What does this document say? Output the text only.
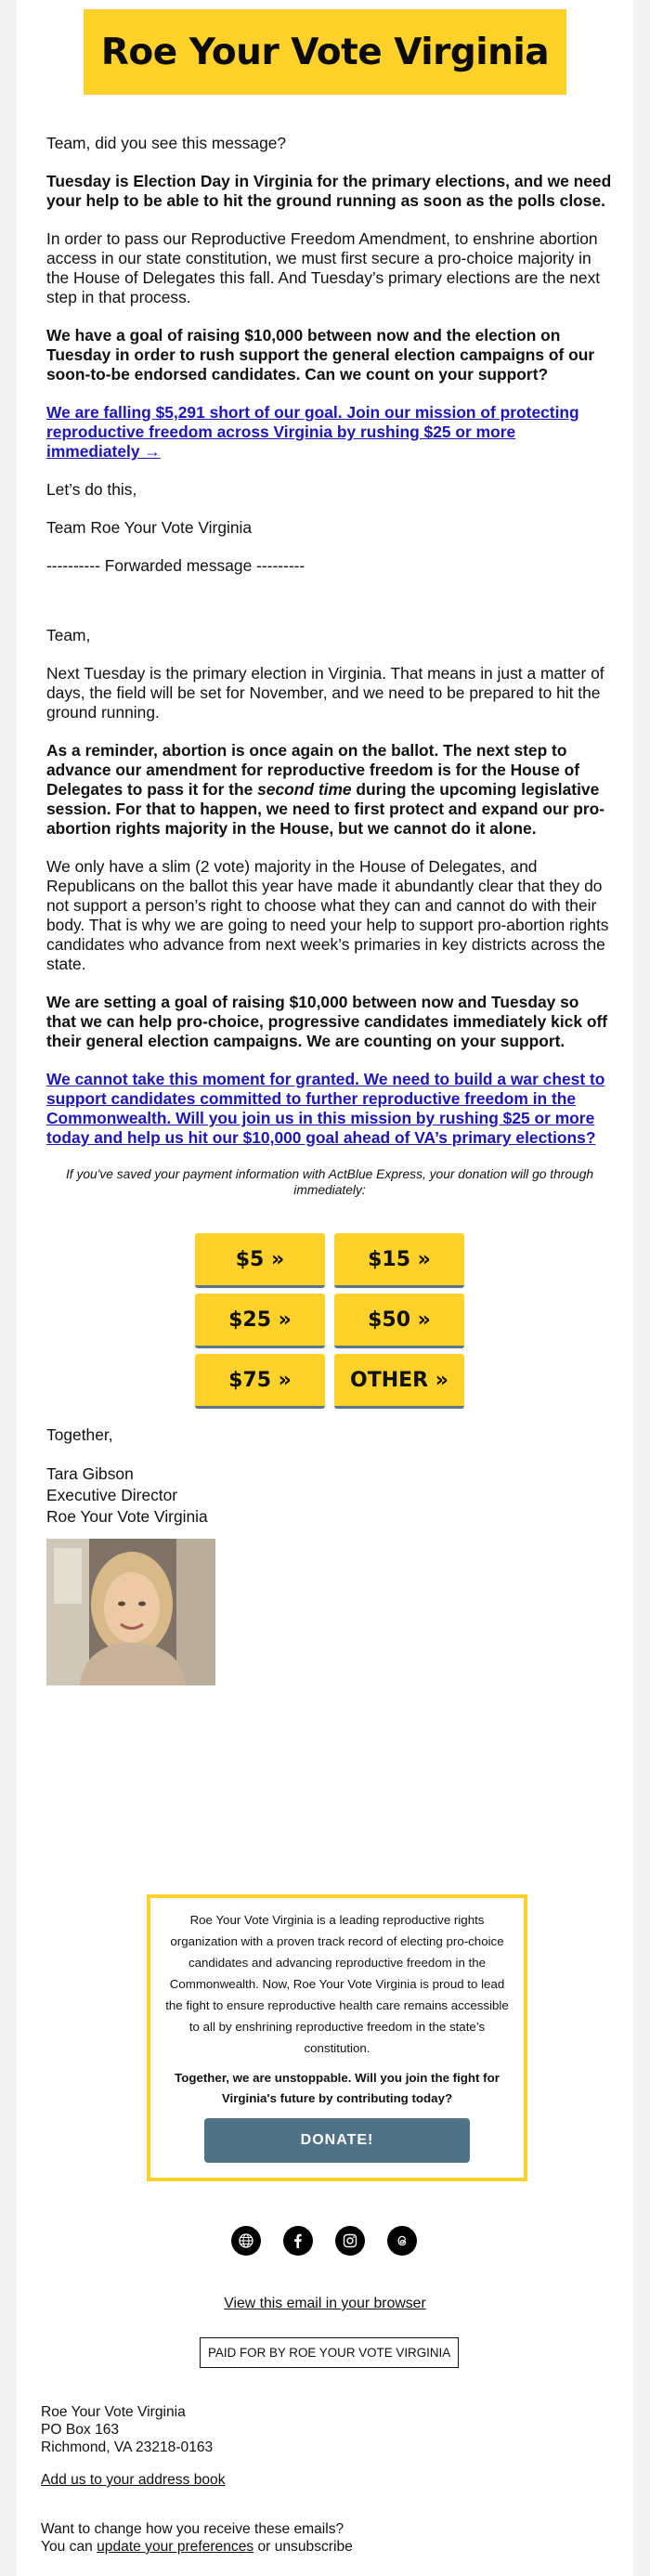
Roe Your Vote Virginia

Team, did you see this message?

Tuesday is Election Day in Virginia for the primary elections, and we need your help to be able to hit the ground running as soon as the polls close.

In order to pass our Reproductive Freedom Amendment, to enshrine abortion access in our state constitution, we must first secure a pro-choice majority in the House of Delegates this fall. And Tuesday’s primary elections are the next step in that process.

We have a goal of raising $10,000 between now and the election on Tuesday in order to rush support the general election campaigns of our soon-to-be endorsed candidates. Can we count on your support?

We are falling $5,291 short of our goal. Join our mission of protecting reproductive freedom across Virginia by rushing $25 or more immediately →

Let’s do this,

Team Roe Your Vote Virginia

---------- Forwarded message ---------

Team,

Next Tuesday is the primary election in Virginia. That means in just a matter of days, the field will be set for November, and we need to be prepared to hit the ground running.

As a reminder, abortion is once again on the ballot. The next step to advance our amendment for reproductive freedom is for the House of Delegates to pass it for the second time during the upcoming legislative session. For that to happen, we need to first protect and expand our pro-abortion rights majority in the House, but we cannot do it alone.

We only have a slim (2 vote) majority in the House of Delegates, and Republicans on the ballot this year have made it abundantly clear that they do not support a person’s right to choose what they can and cannot do with their body. That is why we are going to need your help to support pro-abortion rights candidates who advance from next week’s primaries in key districts across the state.

We are setting a goal of raising $10,000 between now and Tuesday so that we can help pro-choice, progressive candidates immediately kick off their general election campaigns. We are counting on your support.

We cannot take this moment for granted. We need to build a war chest to support candidates committed to further reproductive freedom in the Commonwealth. Will you join us in this mission by rushing $25 or more today and help us hit our $10,000 goal ahead of VA’s primary elections?

If you've saved your payment information with ActBlue Express, your donation will go through immediately:

$5 »	$15 »
$25 »	$50 »
$75 »	OTHER »

Together,

Tara Gibson
Executive Director
Roe Your Vote Virginia

Roe Your Vote Virginia is a leading reproductive rights organization with a proven track record of electing pro-choice candidates and advancing reproductive freedom in the Commonwealth. Now, Roe Your Vote Virginia is proud to lead the fight to ensure reproductive health care remains accessible to all by enshrining reproductive freedom in the state’s constitution.

Together, we are unstoppable. Will you join the fight for Virginia's future by contributing today?

DONATE!
View this email in your browser
PAID FOR BY ROE YOUR VOTE VIRGINIA
Roe Your Vote Virginia
PO Box 163
Richmond, VA 23218-0163
Add us to your address book
Want to change how you receive these emails?
You can update your preferences or unsubscribe
